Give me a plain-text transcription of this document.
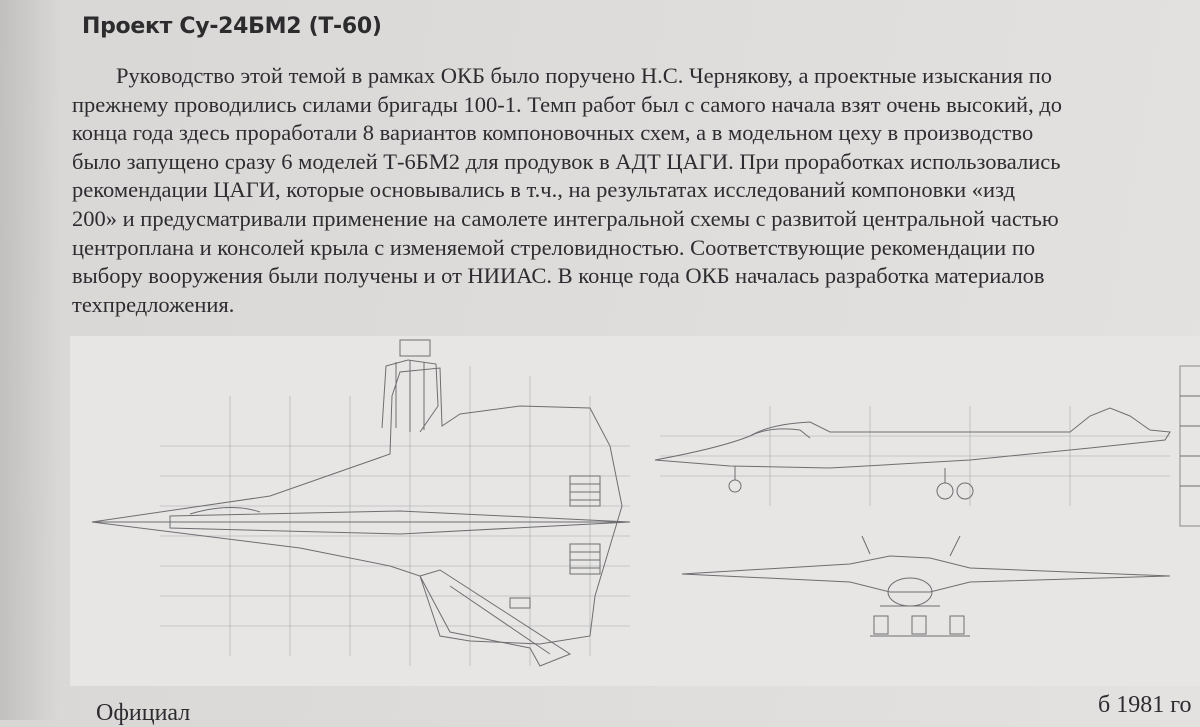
Проект Су-24БМ2 (Т-60)
Руководство этой темой в рамках ОКБ было поручено Н.С. Чернякову, а проектные изыскания по
прежнему проводились силами бригады 100-1. Темп работ был с самого начала взят очень высокий, до
конца года здесь проработали 8 вариантов компоновочных схем, а в модельном цеху в производство
было запущено сразу 6 моделей Т-6БМ2 для продувок в АДТ ЦАГИ. При проработках использовались
рекомендации ЦАГИ, которые основывались в т.ч., на результатах исследований компоновки «изд
200» и предусматривали применение на самолете интегральной схемы с развитой центральной частью
центроплана и консолей крыла с изменяемой стреловидностью. Соответствующие рекомендации по
выбору вооружения были получены и от НИИАС. В конце года ОКБ началась разработка материалов
техпредложения.
Официал	б 1981 го
